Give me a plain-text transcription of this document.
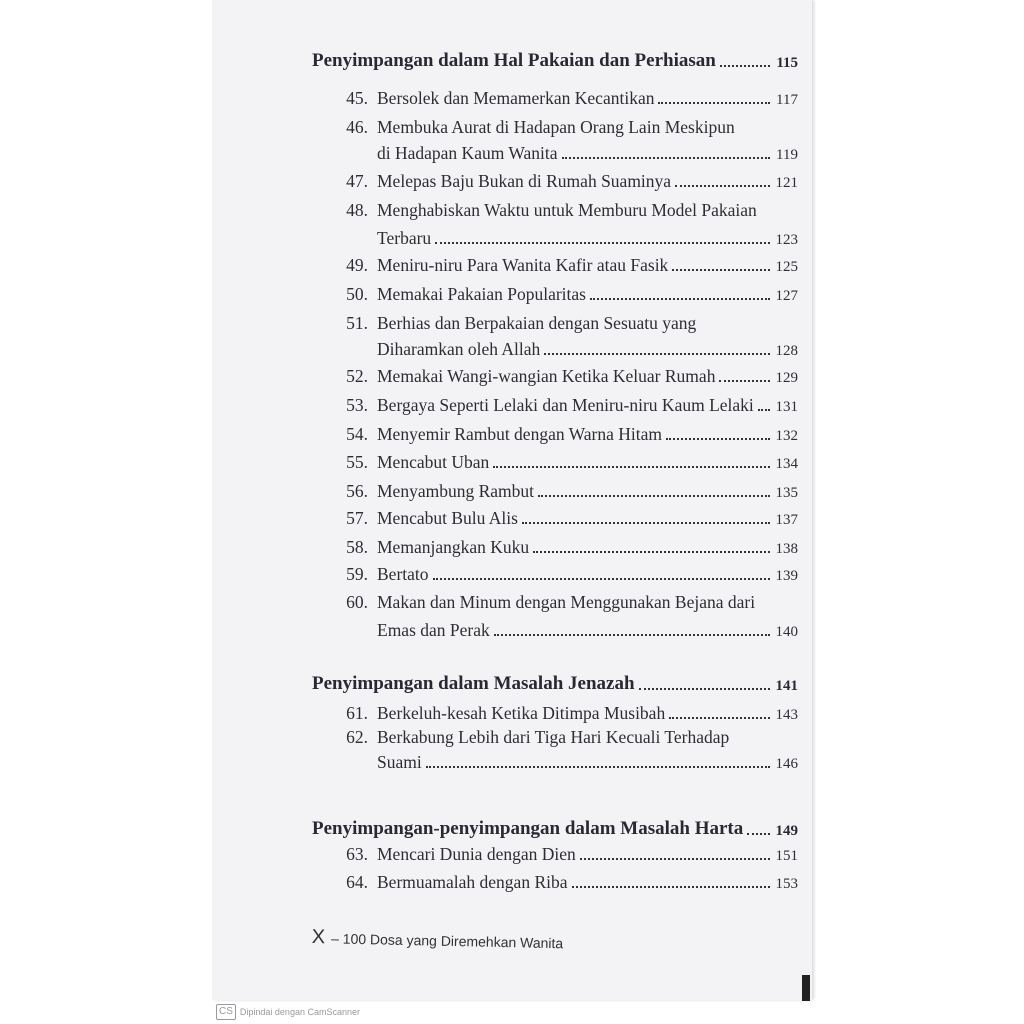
Penyimpangan dalam Hal Pakaian dan Perhiasan	115
45. Bersolek dan Memamerkan Kecantikan	117
46. Membuka Aurat di Hadapan Orang Lain Meskipun
di Hadapan Kaum Wanita	119
47. Melepas Baju Bukan di Rumah Suaminya	121
48. Menghabiskan Waktu untuk Memburu Model Pakaian
Terbaru	123
49. Meniru-niru Para Wanita Kafir atau Fasik	125
50. Memakai Pakaian Popularitas	127
51. Berhias dan Berpakaian dengan Sesuatu yang
Diharamkan oleh Allah	128
52. Memakai Wangi-wangian Ketika Keluar Rumah	129
53. Bergaya Seperti Lelaki dan Meniru-niru Kaum Lelaki 131
54. Menyemir Rambut dengan Warna Hitam	132
55. Mencabut Uban	134
56. Menyambung Rambut	135
57. Mencabut Bulu Alis	137
58. Memanjangkan Kuku	138
59. Bertato	139
60. Makan dan Minum dengan Menggunakan Bejana dari
Emas dan Perak	140
Penyimpangan dalam Masalah Jenazah	141
61. Berkeluh-kesah Ketika Ditimpa Musibah	143
62. Berkabung Lebih dari Tiga Hari Kecuali Terhadap
Suami	146
Penyimpangan-penyimpangan dalam Masalah Harta 149
63. Mencari Dunia dengan Dien	151
64. Bermuamalah dengan Riba	153
X – 100 Dosa yang Diremehkan Wanita
CS Dipindai dengan CamScanner
